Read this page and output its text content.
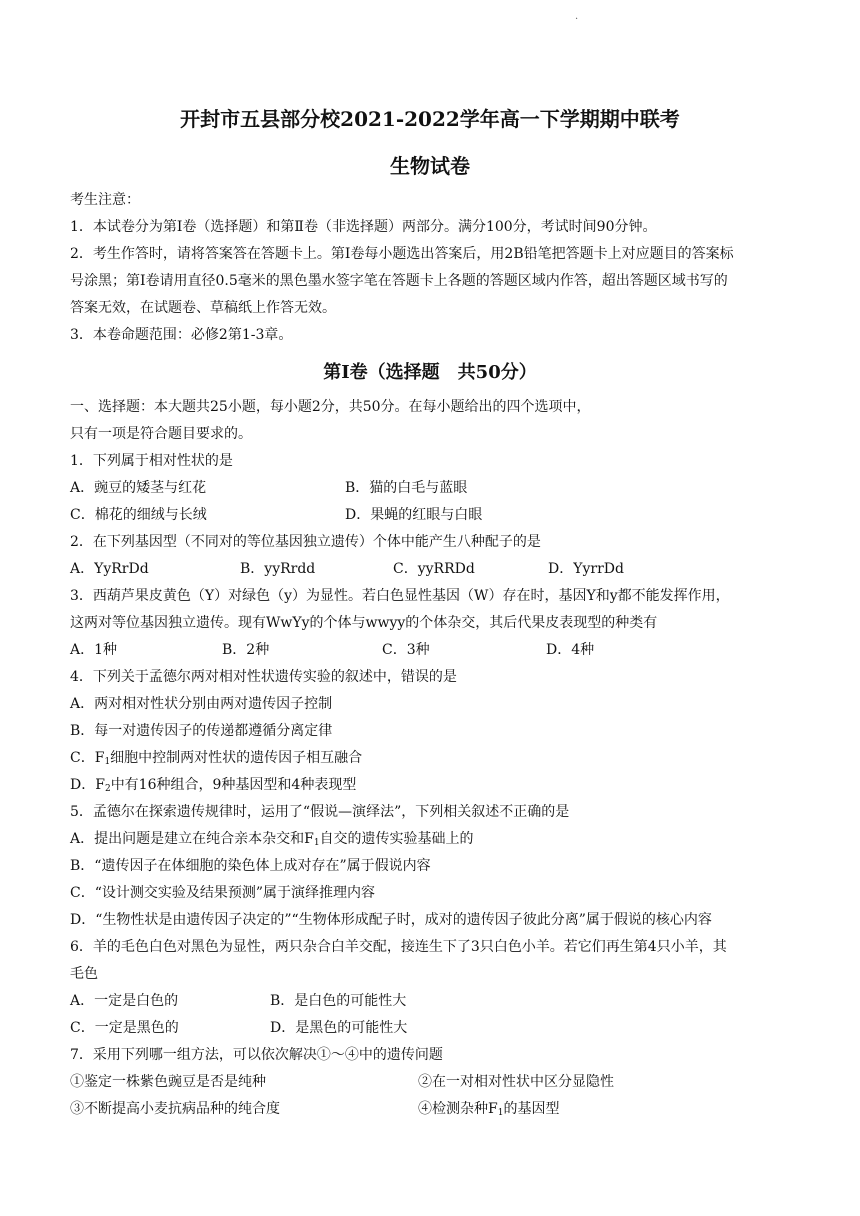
·
开封市五县部分校2021-2022学年高一下学期期中联考
生物试卷
考生注意：
1．本试卷分为第Ⅰ卷（选择题）和第Ⅱ卷（非选择题）两部分。满分100分，考试时间90分钟。
2．考生作答时，请将答案答在答题卡上。第Ⅰ卷每小题选出答案后，用2B铅笔把答题卡上对应题目的答案标
号涂黑；第Ⅰ卷请用直径0.5毫米的黑色墨水签字笔在答题卡上各题的答题区域内作答，超出答题区域书写的
答案无效，在试题卷、草稿纸上作答无效。
3．本卷命题范围：必修2第1-3章。
第Ⅰ卷（选择题　共50分）
一、选择题：本大题共25小题，每小题2分，共50分。在每小题给出的四个选项中，
只有一项是符合题目要求的。
1．下列属于相对性状的是
A．豌豆的矮茎与红花	B．猫的白毛与蓝眼
C．棉花的细绒与长绒	D．果蝇的红眼与白眼
2．在下列基因型（不同对的等位基因独立遗传）个体中能产生八种配子的是
A．YyRrDd	B．yyRrdd	C．yyRRDd	D．YyrrDd
3．西葫芦果皮黄色（Y）对绿色（y）为显性。若白色显性基因（W）存在时，基因Y和y都不能发挥作用，
这两对等位基因独立遗传。现有WwYy的个体与wwyy的个体杂交，其后代果皮表现型的种类有
A．1种	B．2种	C．3种	D．4种
4．下列关于孟德尔两对相对性状遗传实验的叙述中，错误的是
A．两对相对性状分别由两对遗传因子控制
B．每一对遗传因子的传递都遵循分离定律
C．$F_1$细胞中控制两对性状的遗传因子相互融合
D．$F_2$中有16种组合，9种基因型和4种表现型
5．孟德尔在探索遗传规律时，运用了“假说—演绎法”，下列相关叙述不正确的是
A．提出问题是建立在纯合亲本杂交和$F_1$自交的遗传实验基础上的
B．“遗传因子在体细胞的染色体上成对存在”属于假说内容
C．“设计测交实验及结果预测”属于演绎推理内容
D．“生物性状是由遗传因子决定的”“生物体形成配子时，成对的遗传因子彼此分离”属于假说的核心内容
6．羊的毛色白色对黑色为显性，两只杂合白羊交配，接连生下了3只白色小羊。若它们再生第4只小羊，其
毛色
A．一定是白色的	B．是白色的可能性大
C．一定是黑色的	D．是黑色的可能性大
7．采用下列哪一组方法，可以依次解决①～④中的遗传问题
①鉴定一株紫色豌豆是否是纯种	②在一对相对性状中区分显隐性
③不断提高小麦抗病品种的纯合度	④检测杂种$F_1$的基因型
